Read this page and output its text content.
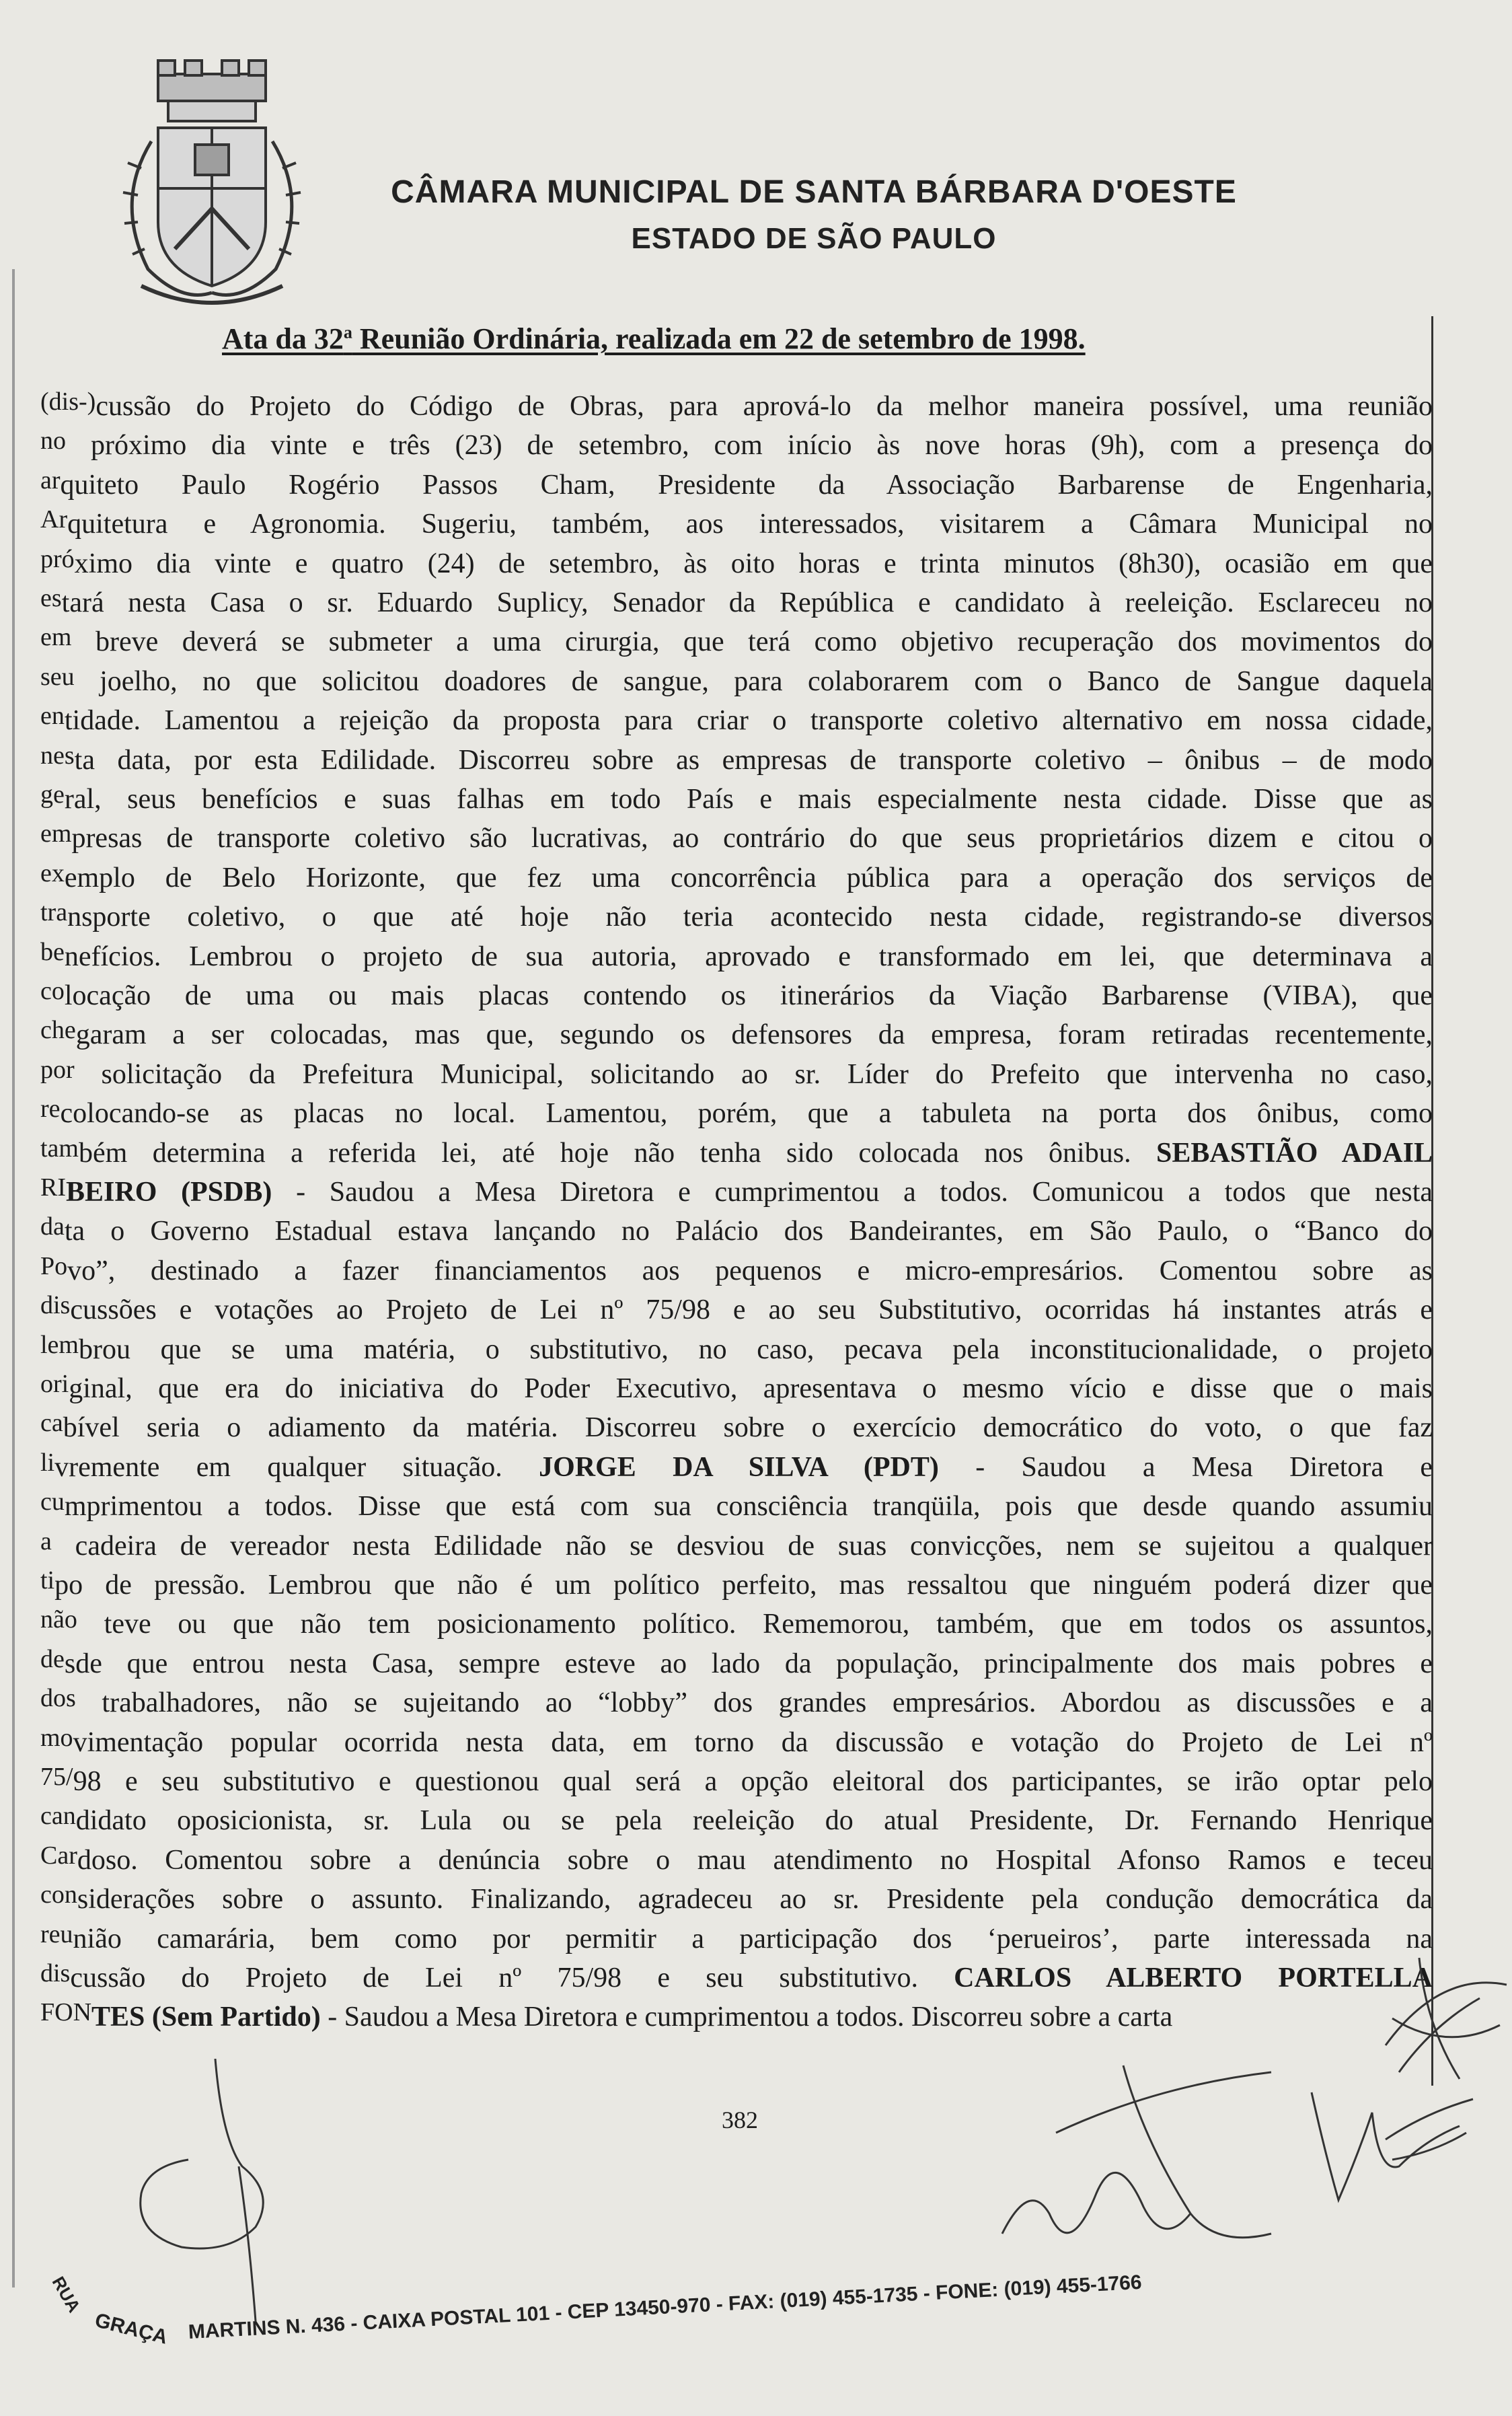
CÂMARA MUNICIPAL DE SANTA BÁRBARA D'OESTE
ESTADO DE SÃO PAULO
Ata da 32$^a$ Reunião Ordinária, realizada em 22 de setembro de 1998.
(dis-)cussão do Projeto do Código de Obras, para aprová-lo da melhor maneira possível, uma reunião
no próximo dia vinte e três (23) de setembro, com início às nove horas (9h), com a presença do
arquiteto Paulo Rogério Passos Cham, Presidente da Associação Barbarense de Engenharia,
Arquitetura e Agronomia. Sugeriu, também, aos interessados, visitarem a Câmara Municipal no
próximo dia vinte e quatro (24) de setembro, às oito horas e trinta minutos (8h30), ocasião em que
estará nesta Casa o sr. Eduardo Suplicy, Senador da República e candidato à reeleição. Esclareceu no
em breve deverá se submeter a uma cirurgia, que terá como objetivo recuperação dos movimentos do
seu joelho, no que solicitou doadores de sangue, para colaborarem com o Banco de Sangue daquela
entidade. Lamentou a rejeição da proposta para criar o transporte coletivo alternativo em nossa cidade,
nesta data, por esta Edilidade. Discorreu sobre as empresas de transporte coletivo – ônibus – de modo
geral, seus benefícios e suas falhas em todo País e mais especialmente nesta cidade. Disse que as
empresas de transporte coletivo são lucrativas, ao contrário do que seus proprietários dizem e citou o
exemplo de Belo Horizonte, que fez uma concorrência pública para a operação dos serviços de
transporte coletivo, o que até hoje não teria acontecido nesta cidade, registrando-se diversos
benefícios. Lembrou o projeto de sua autoria, aprovado e transformado em lei, que determinava a
colocação de uma ou mais placas contendo os itinerários da Viação Barbarense (VIBA), que
chegaram a ser colocadas, mas que, segundo os defensores da empresa, foram retiradas recentemente,
por solicitação da Prefeitura Municipal, solicitando ao sr. Líder do Prefeito que intervenha no caso,
recolocando-se as placas no local. Lamentou, porém, que a tabuleta na porta dos ônibus, como
também determina a referida lei, até hoje não tenha sido colocada nos ônibus. SEBASTIÃO ADAIL
RIBEIRO (PSDB) - Saudou a Mesa Diretora e cumprimentou a todos. Comunicou a todos que nesta
data o Governo Estadual estava lançando no Palácio dos Bandeirantes, em São Paulo, o “Banco do
Povo”, destinado a fazer financiamentos aos pequenos e micro-empresários. Comentou sobre as
discussões e votações ao Projeto de Lei nº 75/98 e ao seu Substitutivo, ocorridas há instantes atrás e
lembrou que se uma matéria, o substitutivo, no caso, pecava pela inconstitucionalidade, o projeto
original, que era do iniciativa do Poder Executivo, apresentava o mesmo vício e disse que o mais
cabível seria o adiamento da matéria. Discorreu sobre o exercício democrático do voto, o que faz
livremente em qualquer situação. JORGE DA SILVA (PDT) - Saudou a Mesa Diretora e
cumprimentou a todos. Disse que está com sua consciência tranqüila, pois que desde quando assumiu
a cadeira de vereador nesta Edilidade não se desviou de suas convicções, nem se sujeitou a qualquer
tipo de pressão. Lembrou que não é um político perfeito, mas ressaltou que ninguém poderá dizer que
não teve ou que não tem posicionamento político. Rememorou, também, que em todos os assuntos,
desde que entrou nesta Casa, sempre esteve ao lado da população, principalmente dos mais pobres e
dos trabalhadores, não se sujeitando ao “lobby” dos grandes empresários. Abordou as discussões e a
movimentação popular ocorrida nesta data, em torno da discussão e votação do Projeto de Lei nº
75/98 e seu substitutivo e questionou qual será a opção eleitoral dos participantes, se irão optar pelo
candidato oposicionista, sr. Lula ou se pela reeleição do atual Presidente, Dr. Fernando Henrique
Cardoso. Comentou sobre a denúncia sobre o mau atendimento no Hospital Afonso Ramos e teceu
considerações sobre o assunto. Finalizando, agradeceu ao sr. Presidente pela condução democrática da
reunião camarária, bem como por permitir a participação dos ‘perueiros’, parte interessada na
discussão do Projeto de Lei nº 75/98 e seu substitutivo. CARLOS ALBERTO PORTELLA
FONTES (Sem Partido) - Saudou a Mesa Diretora e cumprimentou a todos. Discorreu sobre a carta
382
RUA
GRAÇA MARTINS N. 436 - CAIXA POSTAL 101 - CEP 13450-970 - FAX: (019) 455-1735 - FONE: (019) 455-1766
